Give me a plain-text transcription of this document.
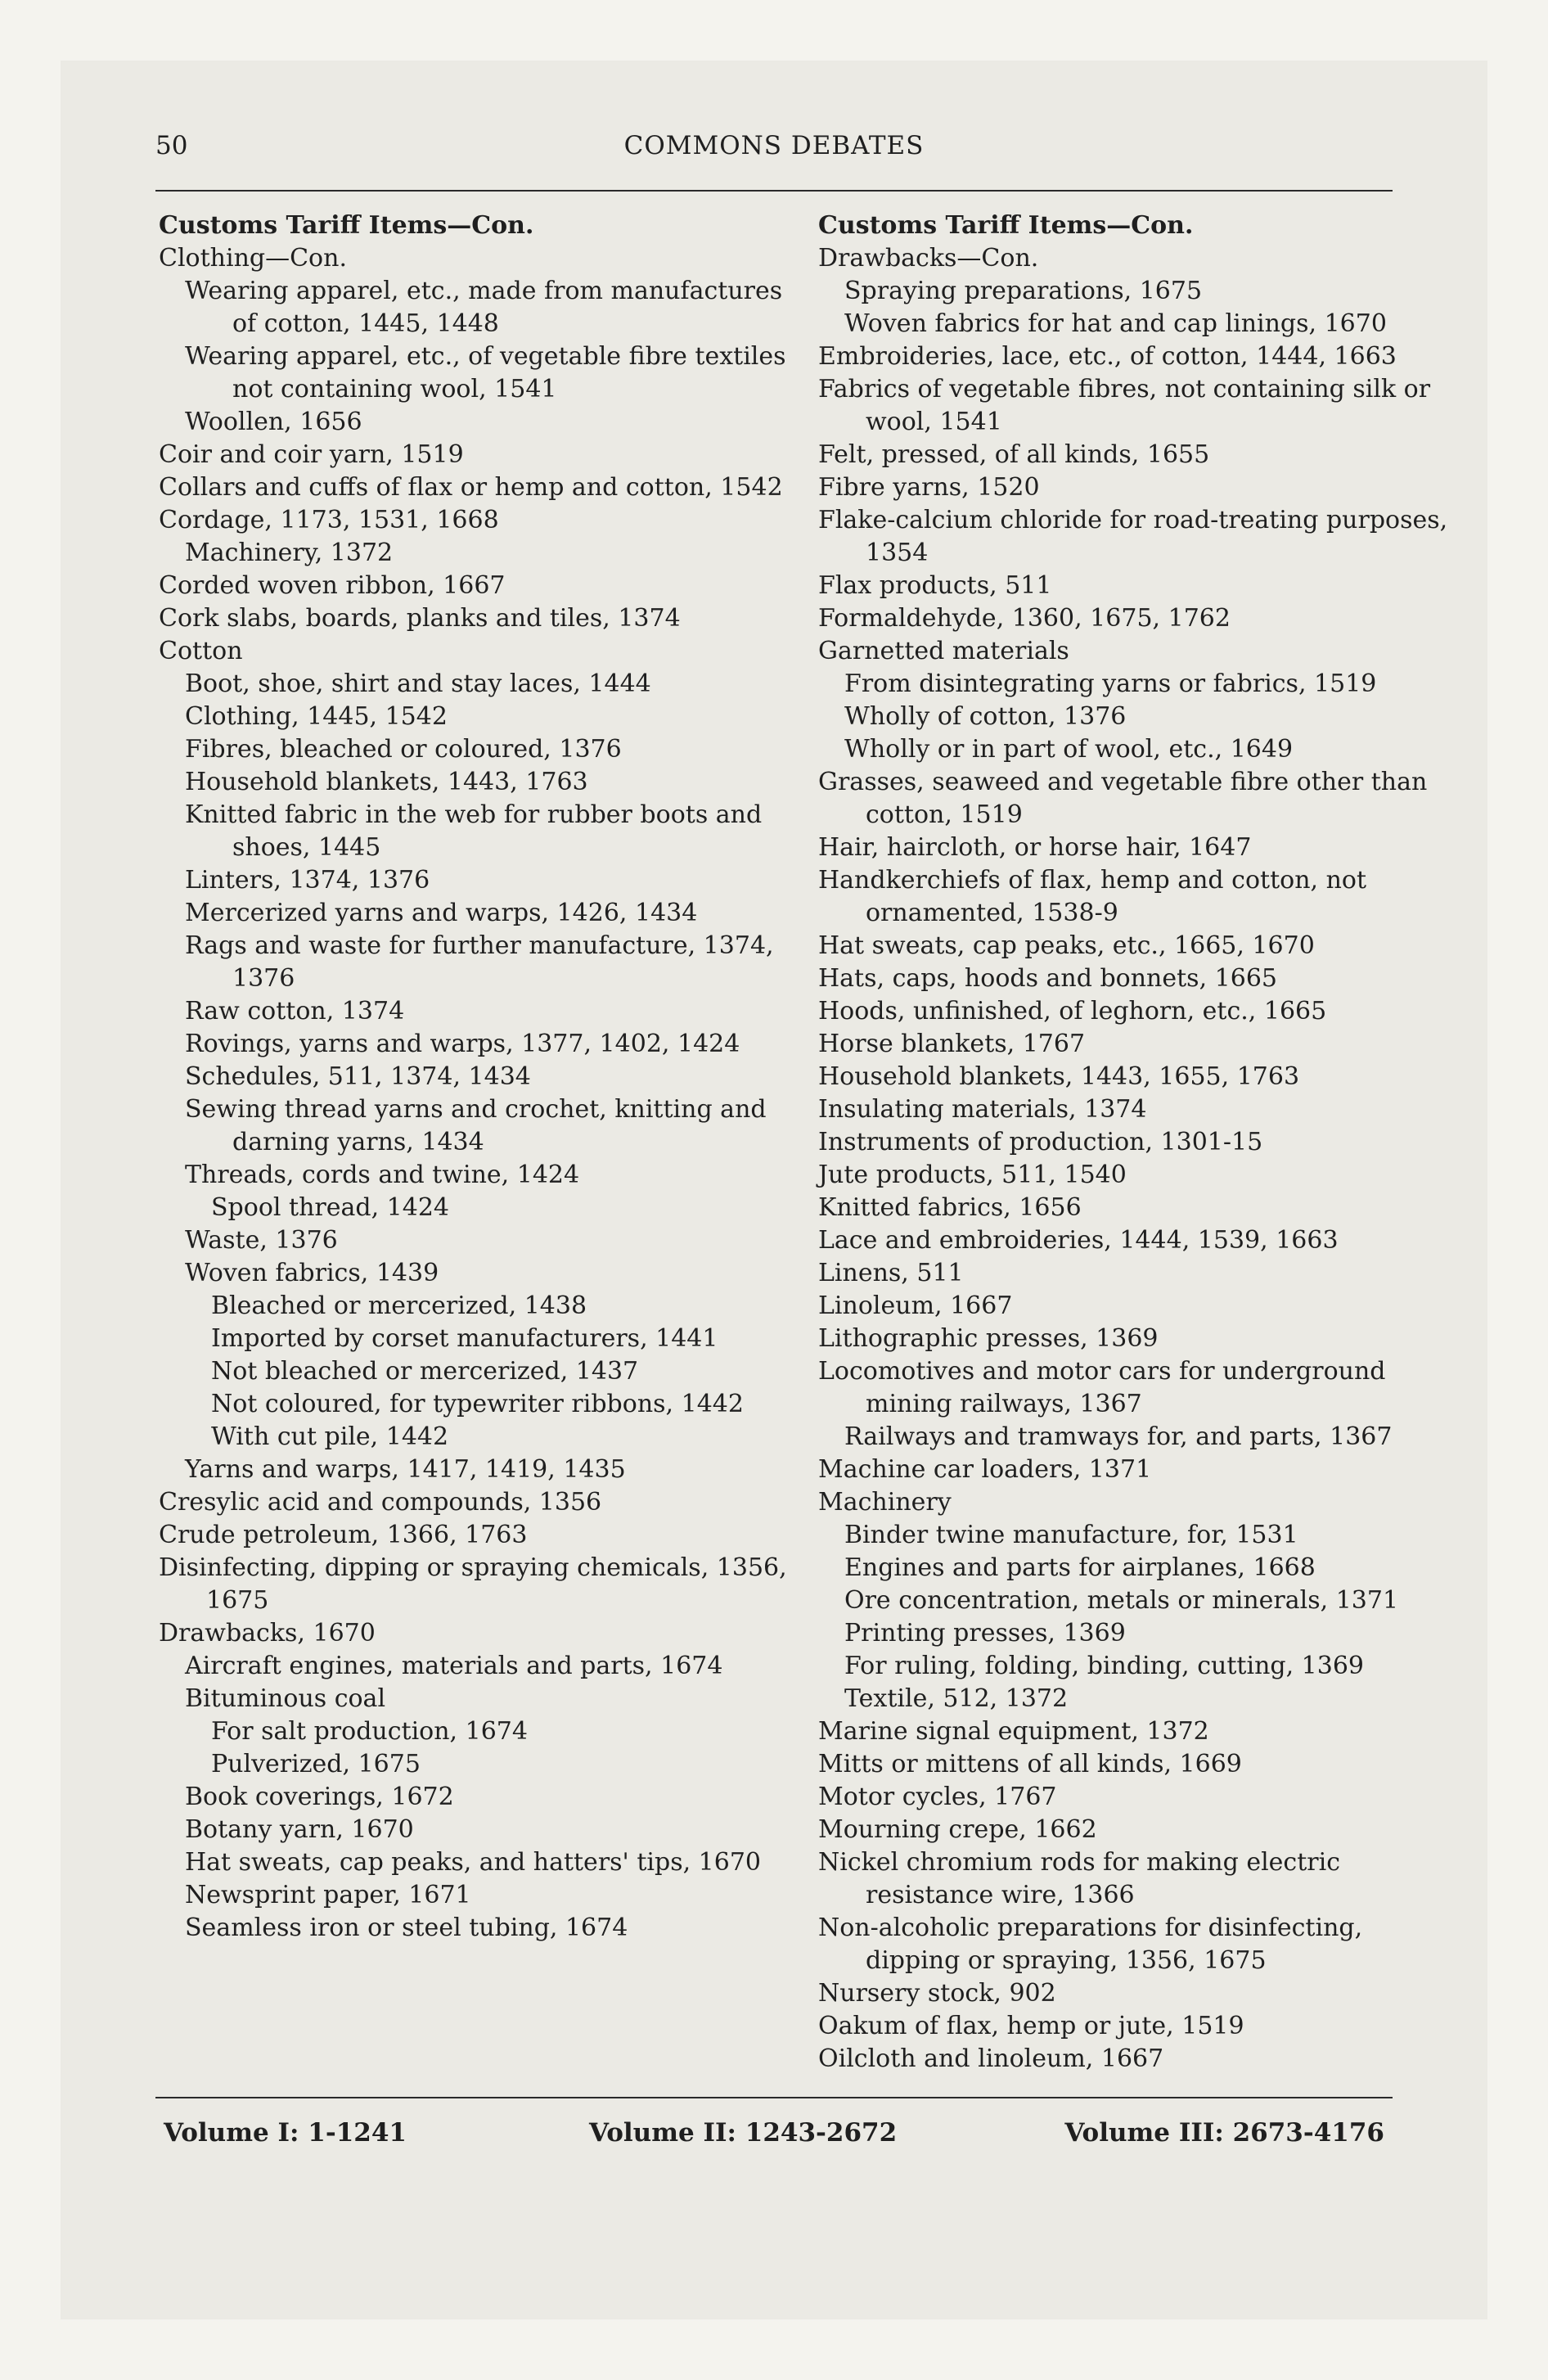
50	COMMONS DEBATES
Customs Tariff Items—Con.
Clothing—Con.
Wearing apparel, etc., made from manufactures of cotton, 1445, 1448
Wearing apparel, etc., of vegetable fibre textiles not containing wool, 1541
Woollen, 1656
Coir and coir yarn, 1519
Collars and cuffs of flax or hemp and cotton, 1542
Cordage, 1173, 1531, 1668
Machinery, 1372
Corded woven ribbon, 1667
Cork slabs, boards, planks and tiles, 1374
Cotton
Boot, shoe, shirt and stay laces, 1444
Clothing, 1445, 1542
Fibres, bleached or coloured, 1376
Household blankets, 1443, 1763
Knitted fabric in the web for rubber boots and shoes, 1445
Linters, 1374, 1376
Mercerized yarns and warps, 1426, 1434
Rags and waste for further manufacture, 1374, 1376
Raw cotton, 1374
Rovings, yarns and warps, 1377, 1402, 1424
Schedules, 511, 1374, 1434
Sewing thread yarns and crochet, knitting and darning yarns, 1434
Threads, cords and twine, 1424
Spool thread, 1424
Waste, 1376
Woven fabrics, 1439
Bleached or mercerized, 1438
Imported by corset manufacturers, 1441
Not bleached or mercerized, 1437
Not coloured, for typewriter ribbons, 1442
With cut pile, 1442
Yarns and warps, 1417, 1419, 1435
Cresylic acid and compounds, 1356
Crude petroleum, 1366, 1763
Disinfecting, dipping or spraying chemicals, 1356, 1675
Drawbacks, 1670
Aircraft engines, materials and parts, 1674
Bituminous coal
For salt production, 1674
Pulverized, 1675
Book coverings, 1672
Botany yarn, 1670
Hat sweats, cap peaks, and hatters' tips, 1670
Newsprint paper, 1671
Seamless iron or steel tubing, 1674
Customs Tariff Items—Con.
Drawbacks—Con.
Spraying preparations, 1675
Woven fabrics for hat and cap linings, 1670
Embroideries, lace, etc., of cotton, 1444, 1663
Fabrics of vegetable fibres, not containing silk or wool, 1541
Felt, pressed, of all kinds, 1655
Fibre yarns, 1520
Flake-calcium chloride for road-treating purposes, 1354
Flax products, 511
Formaldehyde, 1360, 1675, 1762
Garnetted materials
From disintegrating yarns or fabrics, 1519
Wholly of cotton, 1376
Wholly or in part of wool, etc., 1649
Grasses, seaweed and vegetable fibre other than cotton, 1519
Hair, haircloth, or horse hair, 1647
Handkerchiefs of flax, hemp and cotton, not ornamented, 1538-9
Hat sweats, cap peaks, etc., 1665, 1670
Hats, caps, hoods and bonnets, 1665
Hoods, unfinished, of leghorn, etc., 1665
Horse blankets, 1767
Household blankets, 1443, 1655, 1763
Insulating materials, 1374
Instruments of production, 1301-15
Jute products, 511, 1540
Knitted fabrics, 1656
Lace and embroideries, 1444, 1539, 1663
Linens, 511
Linoleum, 1667
Lithographic presses, 1369
Locomotives and motor cars for underground mining railways, 1367
Railways and tramways for, and parts, 1367
Machine car loaders, 1371
Machinery
Binder twine manufacture, for, 1531
Engines and parts for airplanes, 1668
Ore concentration, metals or minerals, 1371
Printing presses, 1369
For ruling, folding, binding, cutting, 1369
Textile, 512, 1372
Marine signal equipment, 1372
Mitts or mittens of all kinds, 1669
Motor cycles, 1767
Mourning crepe, 1662
Nickel chromium rods for making electric resistance wire, 1366
Non-alcoholic preparations for disinfecting, dipping or spraying, 1356, 1675
Nursery stock, 902
Oakum of flax, hemp or jute, 1519
Oilcloth and linoleum, 1667
Volume I: 1-1241	Volume II: 1243-2672	Volume III: 2673-4176
